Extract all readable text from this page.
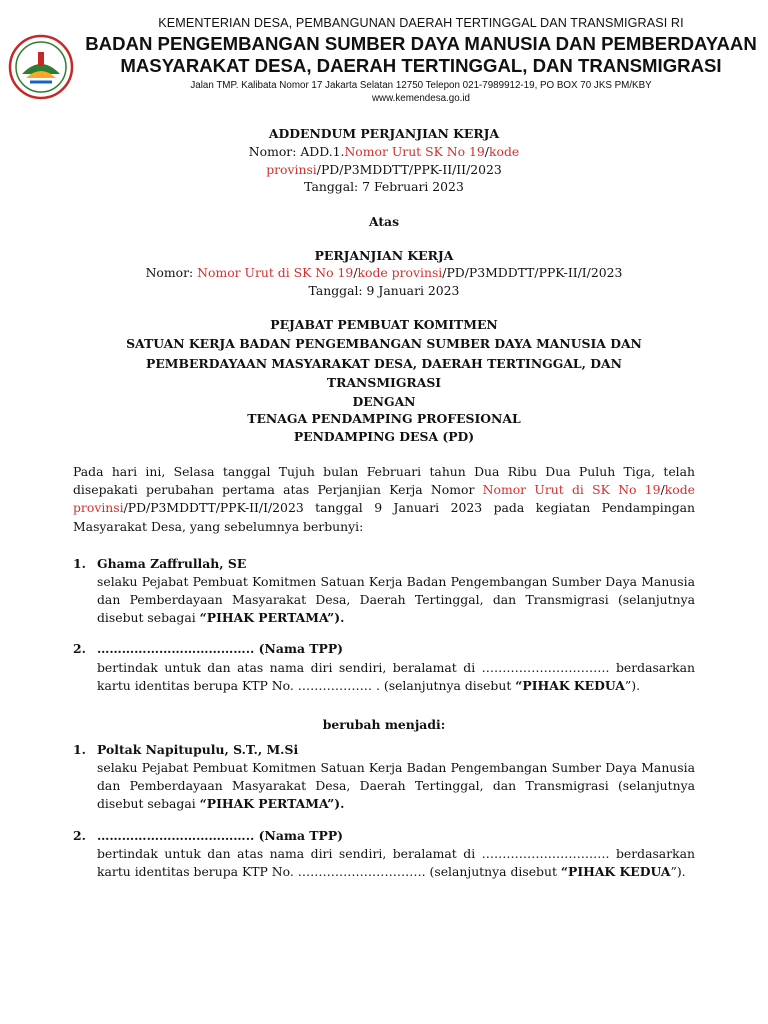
KEMENTERIAN DESA, PEMBANGUNAN DAERAH TERTINGGAL DAN TRANSMIGRASI RI
BADAN PENGEMBANGAN SUMBER DAYA MANUSIA DAN PEMBERDAYAAN
MASYARAKAT DESA, DAERAH TERTINGGAL, DAN TRANSMIGRASI
Jalan TMP. Kalibata Nomor 17 Jakarta Selatan 12750 Telepon 021-7989912-19, PO BOX 70 JKS PM/KBY
www.kemendesa.go.id
ADDENDUM PERJANJIAN KERJA
Nomor: ADD.1.Nomor Urut SK No 19/kode
provinsi/PD/P3MDDTT/PPK-II/II/2023
Tanggal: 7 Februari 2023
Atas
PERJANJIAN KERJA
Nomor: Nomor Urut di SK No 19/kode provinsi/PD/P3MDDTT/PPK-II/I/2023
Tanggal: 9 Januari 2023
PEJABAT PEMBUAT KOMITMEN
SATUAN KERJA BADAN PENGEMBANGAN SUMBER DAYA MANUSIA DAN
PEMBERDAYAAN MASYARAKAT DESA, DAERAH TERTINGGAL, DAN
TRANSMIGRASI
DENGAN
TENAGA PENDAMPING PROFESIONAL
PENDAMPING DESA (PD)
Pada hari ini, Selasa tanggal Tujuh bulan Februari tahun Dua Ribu Dua Puluh Tiga, telah disepakati perubahan pertama atas Perjanjian Kerja Nomor Nomor Urut di SK No 19/kode provinsi/PD/P3MDDTT/PPK-II/I/2023 tanggal 9 Januari 2023 pada kegiatan Pendampingan Masyarakat Desa, yang sebelumnya berbunyi:
1. Ghama Zaffrullah, SE
selaku Pejabat Pembuat Komitmen Satuan Kerja Badan Pengembangan Sumber Daya Manusia dan Pemberdayaan Masyarakat Desa, Daerah Tertinggal, dan Transmigrasi (selanjutnya disebut sebagai “PIHAK PERTAMA”).
2. ……………………………….. (Nama TPP)
bertindak untuk dan atas nama diri sendiri, beralamat di …………………………. berdasarkan kartu identitas berupa KTP No. ……………… . (selanjutnya disebut “PIHAK KEDUA”).
berubah menjadi:
1. Poltak Napitupulu, S.T., M.Si
selaku Pejabat Pembuat Komitmen Satuan Kerja Badan Pengembangan Sumber Daya Manusia dan Pemberdayaan Masyarakat Desa, Daerah Tertinggal, dan Transmigrasi (selanjutnya disebut sebagai “PIHAK PERTAMA”).
2. ……………………………….. (Nama TPP)
bertindak untuk dan atas nama diri sendiri, beralamat di …………………………. berdasarkan kartu identitas berupa KTP No. …………………………. (selanjutnya disebut “PIHAK KEDUA”).
